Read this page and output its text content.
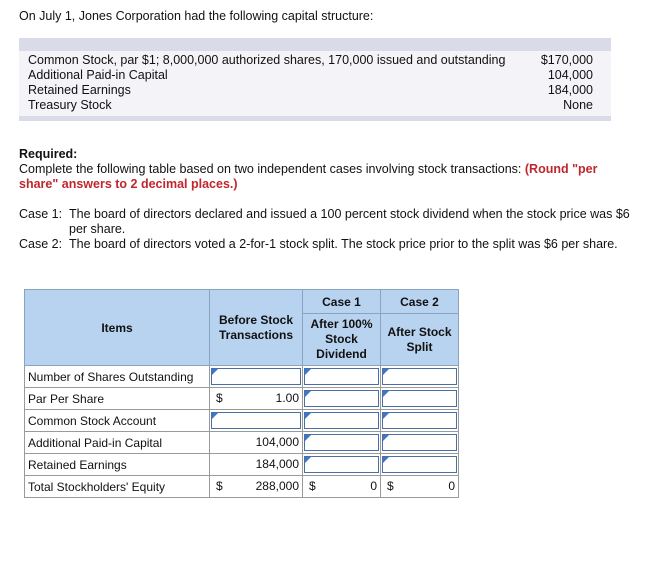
On July 1, Jones Corporation had the following capital structure:
Common Stock, par $1; 8,000,000 authorized shares, 170,000 issued and outstanding	$170,000
Additional Paid-in Capital	104,000
Retained Earnings	184,000
Treasury Stock	None
Required:
Complete the following table based on two independent cases involving stock transactions: (Round "per share" answers to 2 decimal places.)
Case 1: The board of directors declared and issued a 100 percent stock dividend when the stock price was $6 per share.
Case 2: The board of directors voted a 2-for-1 stock split. The stock price prior to the split was $6 per share.
Items	Before Stock Transactions	Case 1	Case 2
		After 100% Stock Dividend	After Stock Split
Number of Shares Outstanding	

Par Per Share	$ 1.00		

Common Stock Account	

Additional Paid-in Capital	104,000		

Retained Earnings	184,000		

Total Stockholders' Equity	$ 288,000	$ 0	$ 0
